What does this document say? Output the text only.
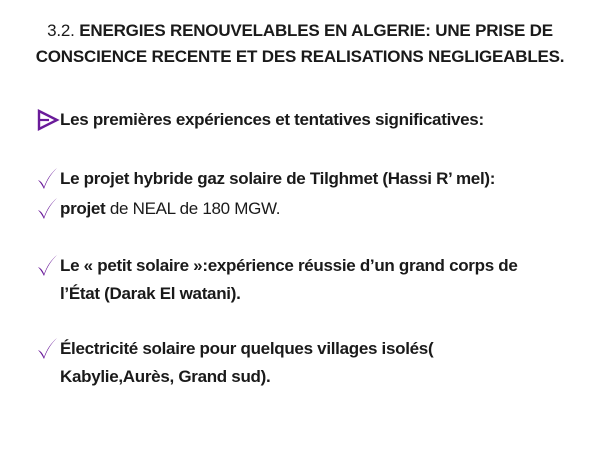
3.2. ENERGIES RENOUVELABLES EN ALGERIE: UNE PRISE DE
CONSCIENCE RECENTE ET DES REALISATIONS NEGLIGEABLES.
Les premières expériences et tentatives significatives:
Le projet hybride gaz solaire de Tilghmet (Hassi R’ mel):
projet de NEAL de 180 MGW.
Le « petit solaire »:expérience réussie d’un grand corps de
l’État (Darak El watani).
Électricité solaire pour quelques villages isolés(
Kabylie,Aurès, Grand sud).
